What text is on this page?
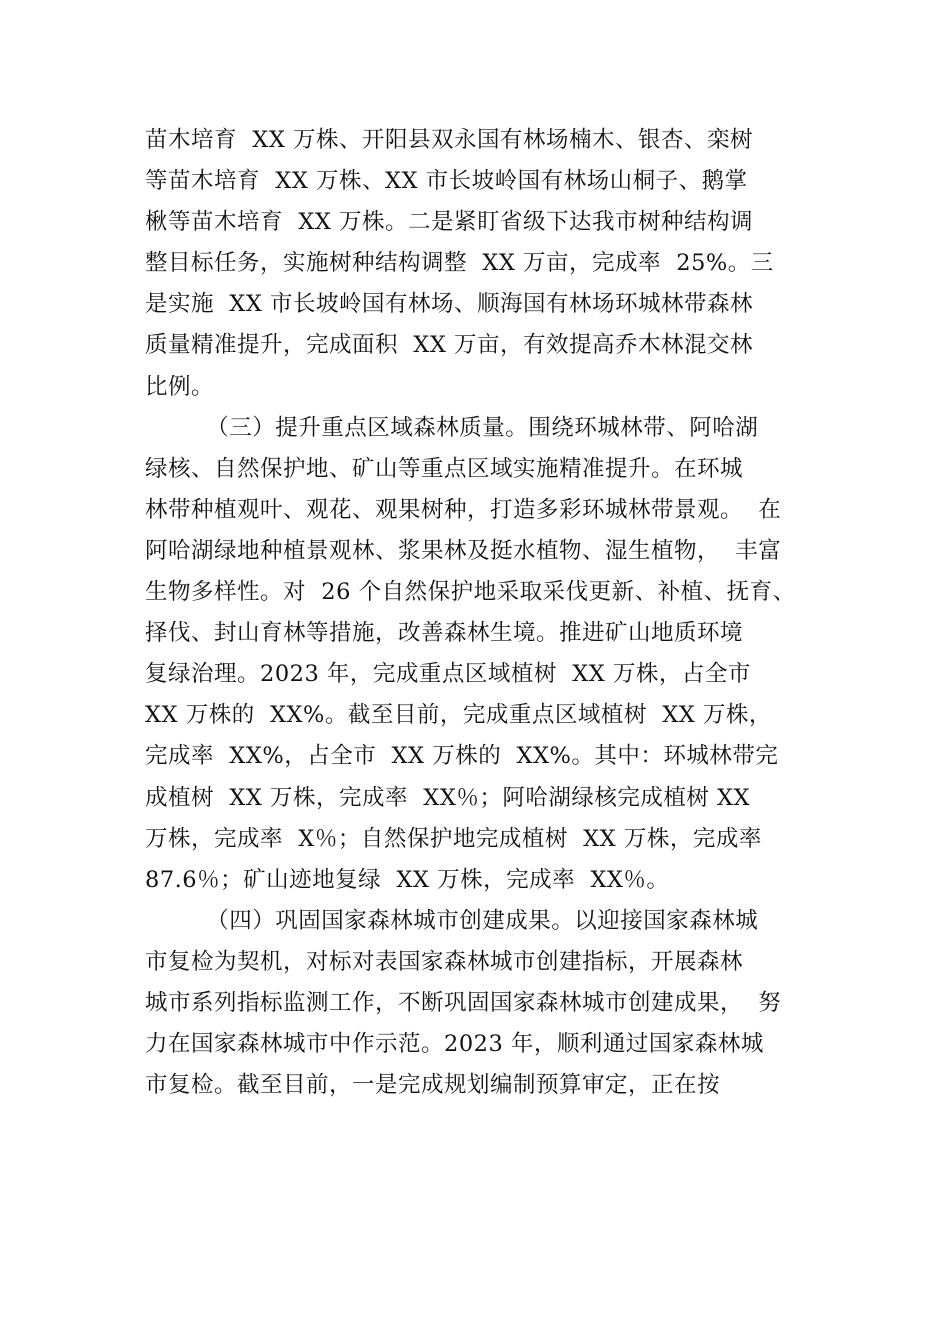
苗木培育  XX 万株、开阳县双永国有林场楠木、银杏、栾树
等苗木培育  XX 万株、XX 市长坡岭国有林场山桐子、鹅掌
楸等苗木培育  XX 万株。二是紧盯省级下达我市树种结构调
整目标任务，实施树种结构调整  XX 万亩，完成率  25%。三
是实施  XX 市长坡岭国有林场、顺海国有林场环城林带森林
质量精准提升，完成面积  XX 万亩，有效提高乔木林混交林
比例。
（三）提升重点区域森林质量。围绕环城林带、阿哈湖
绿核、自然保护地、矿山等重点区域实施精准提升。在环城
林带种植观叶、观花、观果树种，打造多彩环城林带景观。  在
阿哈湖绿地种植景观林、浆果林及挺水植物、湿生植物，  丰富
生物多样性。对  26 个自然保护地采取采伐更新、补植、抚育、
择伐、封山育林等措施，改善森林生境。推进矿山地质环境
复绿治理。2023 年，完成重点区域植树  XX 万株，占全市
XX 万株的  XX%。截至目前，完成重点区域植树  XX 万株，
完成率  XX%，占全市  XX 万株的  XX%。其中：环城林带完
成植树  XX 万株，完成率  XX％；阿哈湖绿核完成植树 XX
万株，完成率  X％；自然保护地完成植树  XX 万株，完成率
87.6％；矿山迹地复绿  XX 万株，完成率  XX％。
（四）巩固国家森林城市创建成果。以迎接国家森林城
市复检为契机，对标对表国家森林城市创建指标，开展森林
城市系列指标监测工作，不断巩固国家森林城市创建成果，  努
力在国家森林城市中作示范。2023 年，顺利通过国家森林城
市复检。截至目前，一是完成规划编制预算审定，正在按
